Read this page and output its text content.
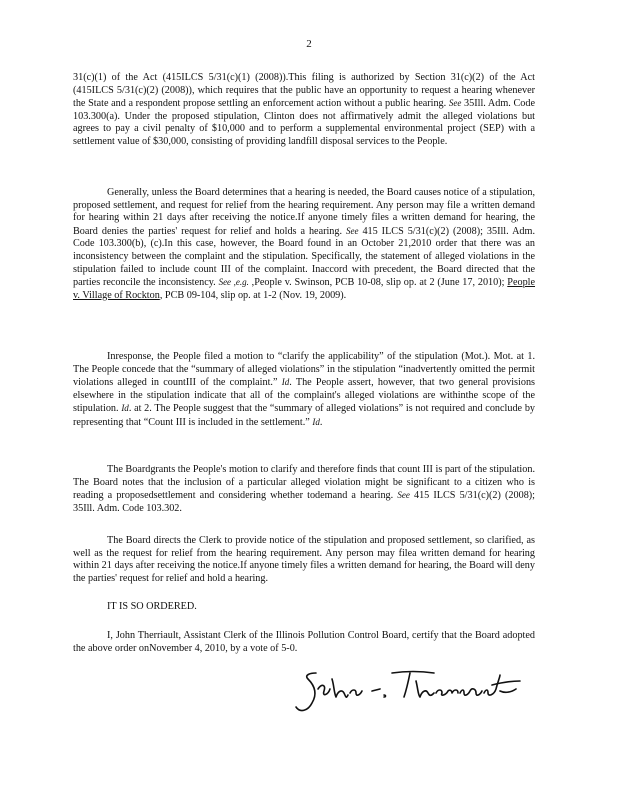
2

31(c)(1) of the Act (415ILCS 5/31(c)(1) (2008)).This filing is authorized by Section 31(c)(2) of the Act (415ILCS 5/31(c)(2) (2008)), which requires that the public have an opportunity to request a hearing whenever the State and a respondent propose settling an enforcement action without a public hearing. See 35Ill. Adm. Code 103.300(a). Under the proposed stipulation, Clinton does not affirmatively admit the alleged violations but agrees to pay a civil penalty of $10,000 and to perform a supplemental environmental project (SEP) with a settlement value of $30,000, consisting of providing landfill disposal services to the People.

Generally, unless the Board determines that a hearing is needed, the Board causes notice of a stipulation, proposed settlement, and request for relief from the hearing requirement. Any person may file a written demand for hearing within 21 days after receiving the notice.If anyone timely files a written demand for hearing, the Board denies the parties' request for relief and holds a hearing. See 415 ILCS 5/31(c)(2) (2008); 35Ill. Adm. Code 103.300(b), (c).In this case, however, the Board found in an October 21,2010 order that there was an inconsistency between the complaint and the stipulation. Specifically, the statement of alleged violations in the stipulation failed to include count III of the complaint. Inaccord with precedent, the Board directed that the parties reconcile the inconsistency. See ,e.g. ,People v. Swinson, PCB 10-08, slip op. at 2 (June 17, 2010); People v. Village of Rockton, PCB 09-104, slip op. at 1-2 (Nov. 19, 2009).

Inresponse, the People filed a motion to “clarify the applicability” of the stipulation (Mot.). Mot. at 1. The People concede that the “summary of alleged violations” in the stipulation “inadvertently omitted the permit violations alleged in countIII of the complaint.” Id. The People assert, however, that two general provisions elsewhere in the stipulation indicate that all of the complaint's alleged violations are withinthe scope of the stipulation. Id. at 2. The People suggest that the “summary of alleged violations” is not required and conclude by representing that “Count III is included in the settlement.” Id.

The Boardgrants the People's motion to clarify and therefore finds that count III is part of the stipulation. The Board notes that the inclusion of a particular alleged violation might be significant to a citizen who is reading a proposedsettlement and considering whether todemand a hearing. See 415 ILCS 5/31(c)(2) (2008); 35Ill. Adm. Code 103.302.

The Board directs the Clerk to provide notice of the stipulation and proposed settlement, so clarified, as well as the request for relief from the hearing requirement. Any person may filea written demand for hearing within 21 days after receiving the notice.If anyone timely files a written demand for hearing, the Board will deny the parties' request for relief and hold a hearing.

IT IS SO ORDERED.

I, John Therriault, Assistant Clerk of the Illinois Pollution Control Board, certify that the Board adopted the above order onNovember 4, 2010, by a vote of 5-0.
